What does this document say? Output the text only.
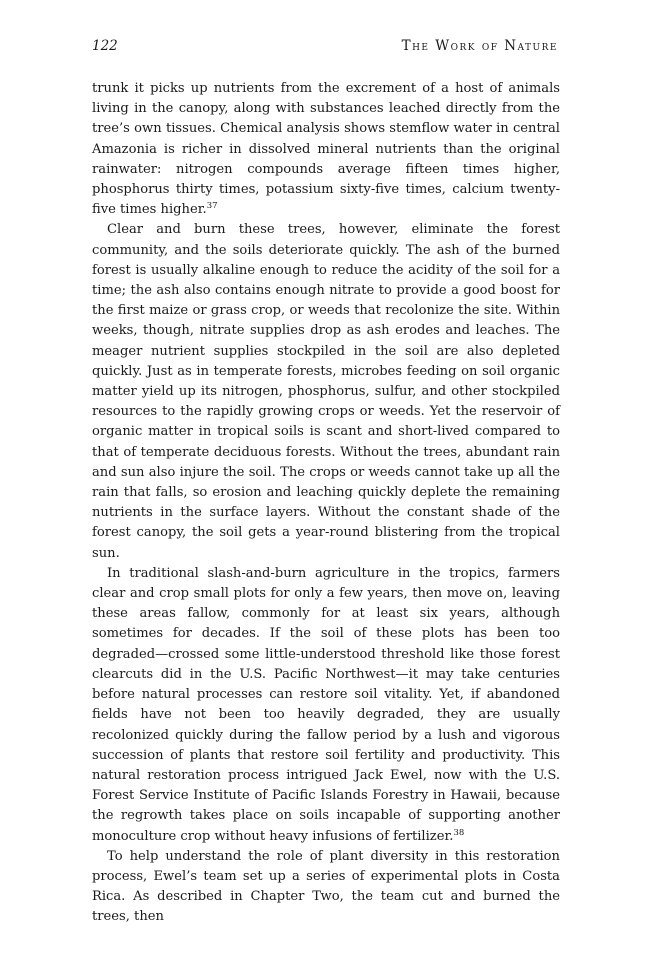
122	The Work of Nature

trunk it picks up nutrients from the excrement of a host of animals living in the canopy, along with substances leached directly from the tree’s own tissues. Chemical analysis shows stemflow water in central Amazonia is richer in dissolved mineral nutrients than the original rainwater: nitrogen compounds average fifteen times higher, phosphorus thirty times, potassium sixty-five times, calcium twenty-five times higher.$^{37}$

Clear and burn these trees, however, eliminate the forest community, and the soils deteriorate quickly. The ash of the burned forest is usually alkaline enough to reduce the acidity of the soil for a time; the ash also contains enough nitrate to provide a good boost for the first maize or grass crop, or weeds that recolonize the site. Within weeks, though, nitrate supplies drop as ash erodes and leaches. The meager nutrient supplies stockpiled in the soil are also depleted quickly. Just as in temperate forests, microbes feeding on soil organic matter yield up its nitrogen, phosphorus, sulfur, and other stockpiled resources to the rapidly growing crops or weeds. Yet the reservoir of organic matter in tropical soils is scant and short-lived compared to that of temperate deciduous forests. Without the trees, abundant rain and sun also injure the soil. The crops or weeds cannot take up all the rain that falls, so erosion and leaching quickly deplete the remaining nutrients in the surface layers. Without the constant shade of the forest canopy, the soil gets a year-round blistering from the tropical sun.

In traditional slash-and-burn agriculture in the tropics, farmers clear and crop small plots for only a few years, then move on, leaving these areas fallow, commonly for at least six years, although sometimes for decades. If the soil of these plots has been too degraded—crossed some little-understood threshold like those forest clearcuts did in the U.S. Pacific Northwest—it may take centuries before natural processes can restore soil vitality. Yet, if abandoned fields have not been too heavily degraded, they are usually recolonized quickly during the fallow period by a lush and vigorous succession of plants that restore soil fertility and productivity. This natural restoration process intrigued Jack Ewel, now with the U.S. Forest Service Institute of Pacific Islands Forestry in Hawaii, because the regrowth takes place on soils incapable of supporting another monoculture crop without heavy infusions of fertilizer.$^{38}$

To help understand the role of plant diversity in this restoration process, Ewel’s team set up a series of experimental plots in Costa Rica. As described in Chapter Two, the team cut and burned the trees, then
